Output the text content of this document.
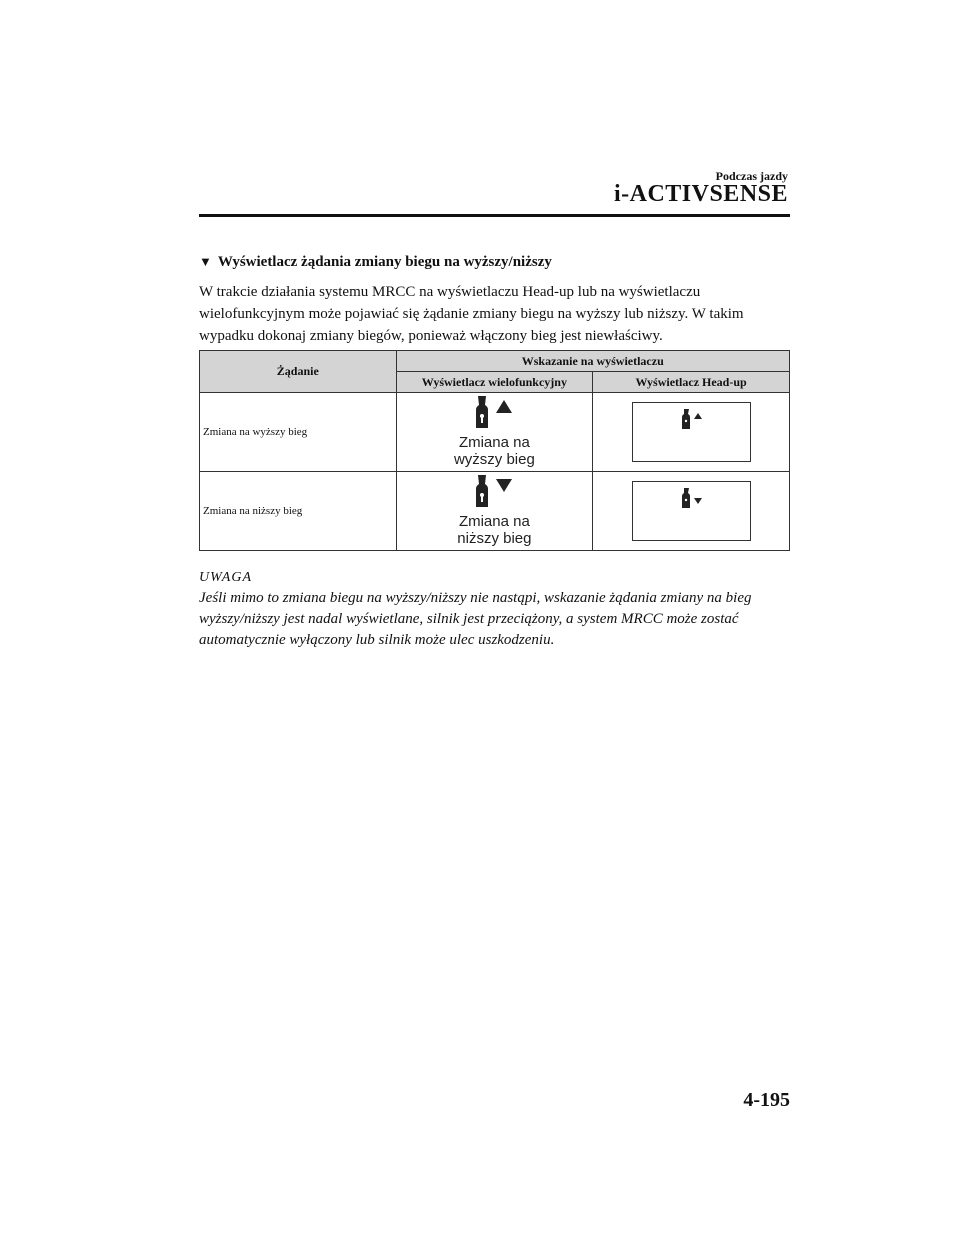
Podczas jazdy
i-ACTIVSENSE
▼ Wyświetlacz żądania zmiany biegu na wyższy/niższy
W trakcie działania systemu MRCC na wyświetlaczu Head-up lub na wyświetlaczu wielofunkcyjnym może pojawiać się żądanie zmiany biegu na wyższy lub niższy. W takim wypadku dokonaj zmiany biegów, ponieważ włączony bieg jest niewłaściwy.
Żądanie	Wskazanie na wyświetlaczu	
	Wyświetlacz wielofunkcyjny	Wyświetlacz Head-up
Zmiana na wyższy bieg	Zmiana na
wyższy bieg

Zmiana na niższy bieg	Zmiana na
niższy bieg

UWAGA
Jeśli mimo to zmiana biegu na wyższy/niższy nie nastąpi, wskazanie żądania zmiany na bieg wyższy/niższy jest nadal wyświetlane, silnik jest przeciążony, a system MRCC może zostać automatycznie wyłączony lub silnik może ulec uszkodzeniu.
4-195
